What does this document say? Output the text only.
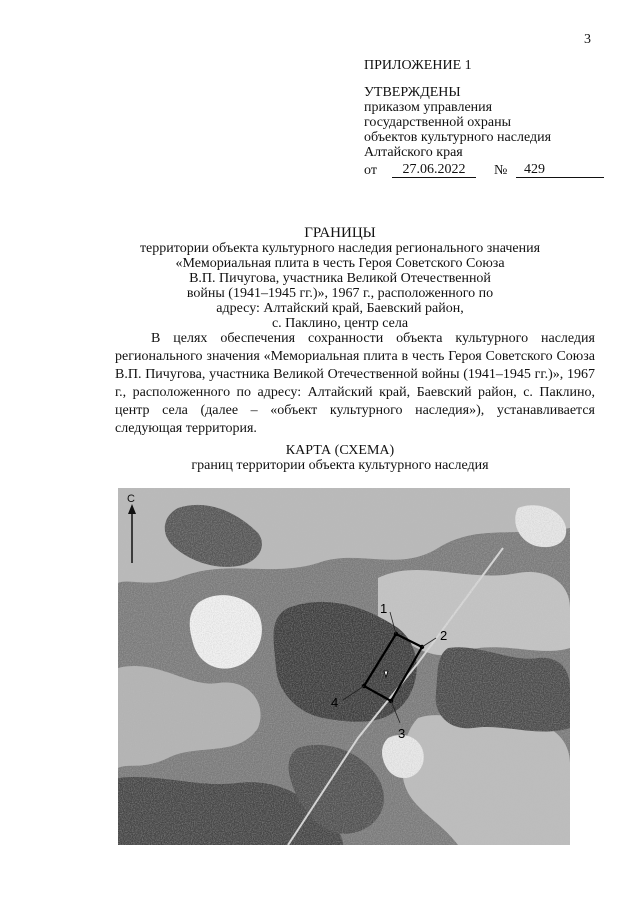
3
ПРИЛОЖЕНИЕ 1
УТВЕРЖДЕНЫ
приказом управления
государственной охраны
объектов культурного наследия
Алтайского края
от	27.06.2022	№	429
ГРАНИЦЫ
территории объекта культурного наследия регионального значения
«Мемориальная плита в честь Героя Советского Союза
В.П. Пичугова, участника Великой Отечественной
войны (1941–1945 гг.)», 1967 г., расположенного по
адресу: Алтайский край, Баевский район,
с. Паклино, центр села
В целях обеспечения сохранности объекта культурного наследия регионального значения «Мемориальная плита в честь Героя Советского Союза В.П. Пичугова, участника Великой Отечественной войны (1941–1945 гг.)», 1967 г., расположенного по адресу: Алтайский край, Баевский район, с. Паклино, центр села (далее – «объект культурного наследия»), устанавливается следующая территория.
КАРТА (СХЕМА)
границ территории объекта культурного наследия
С
1
2
3
4
